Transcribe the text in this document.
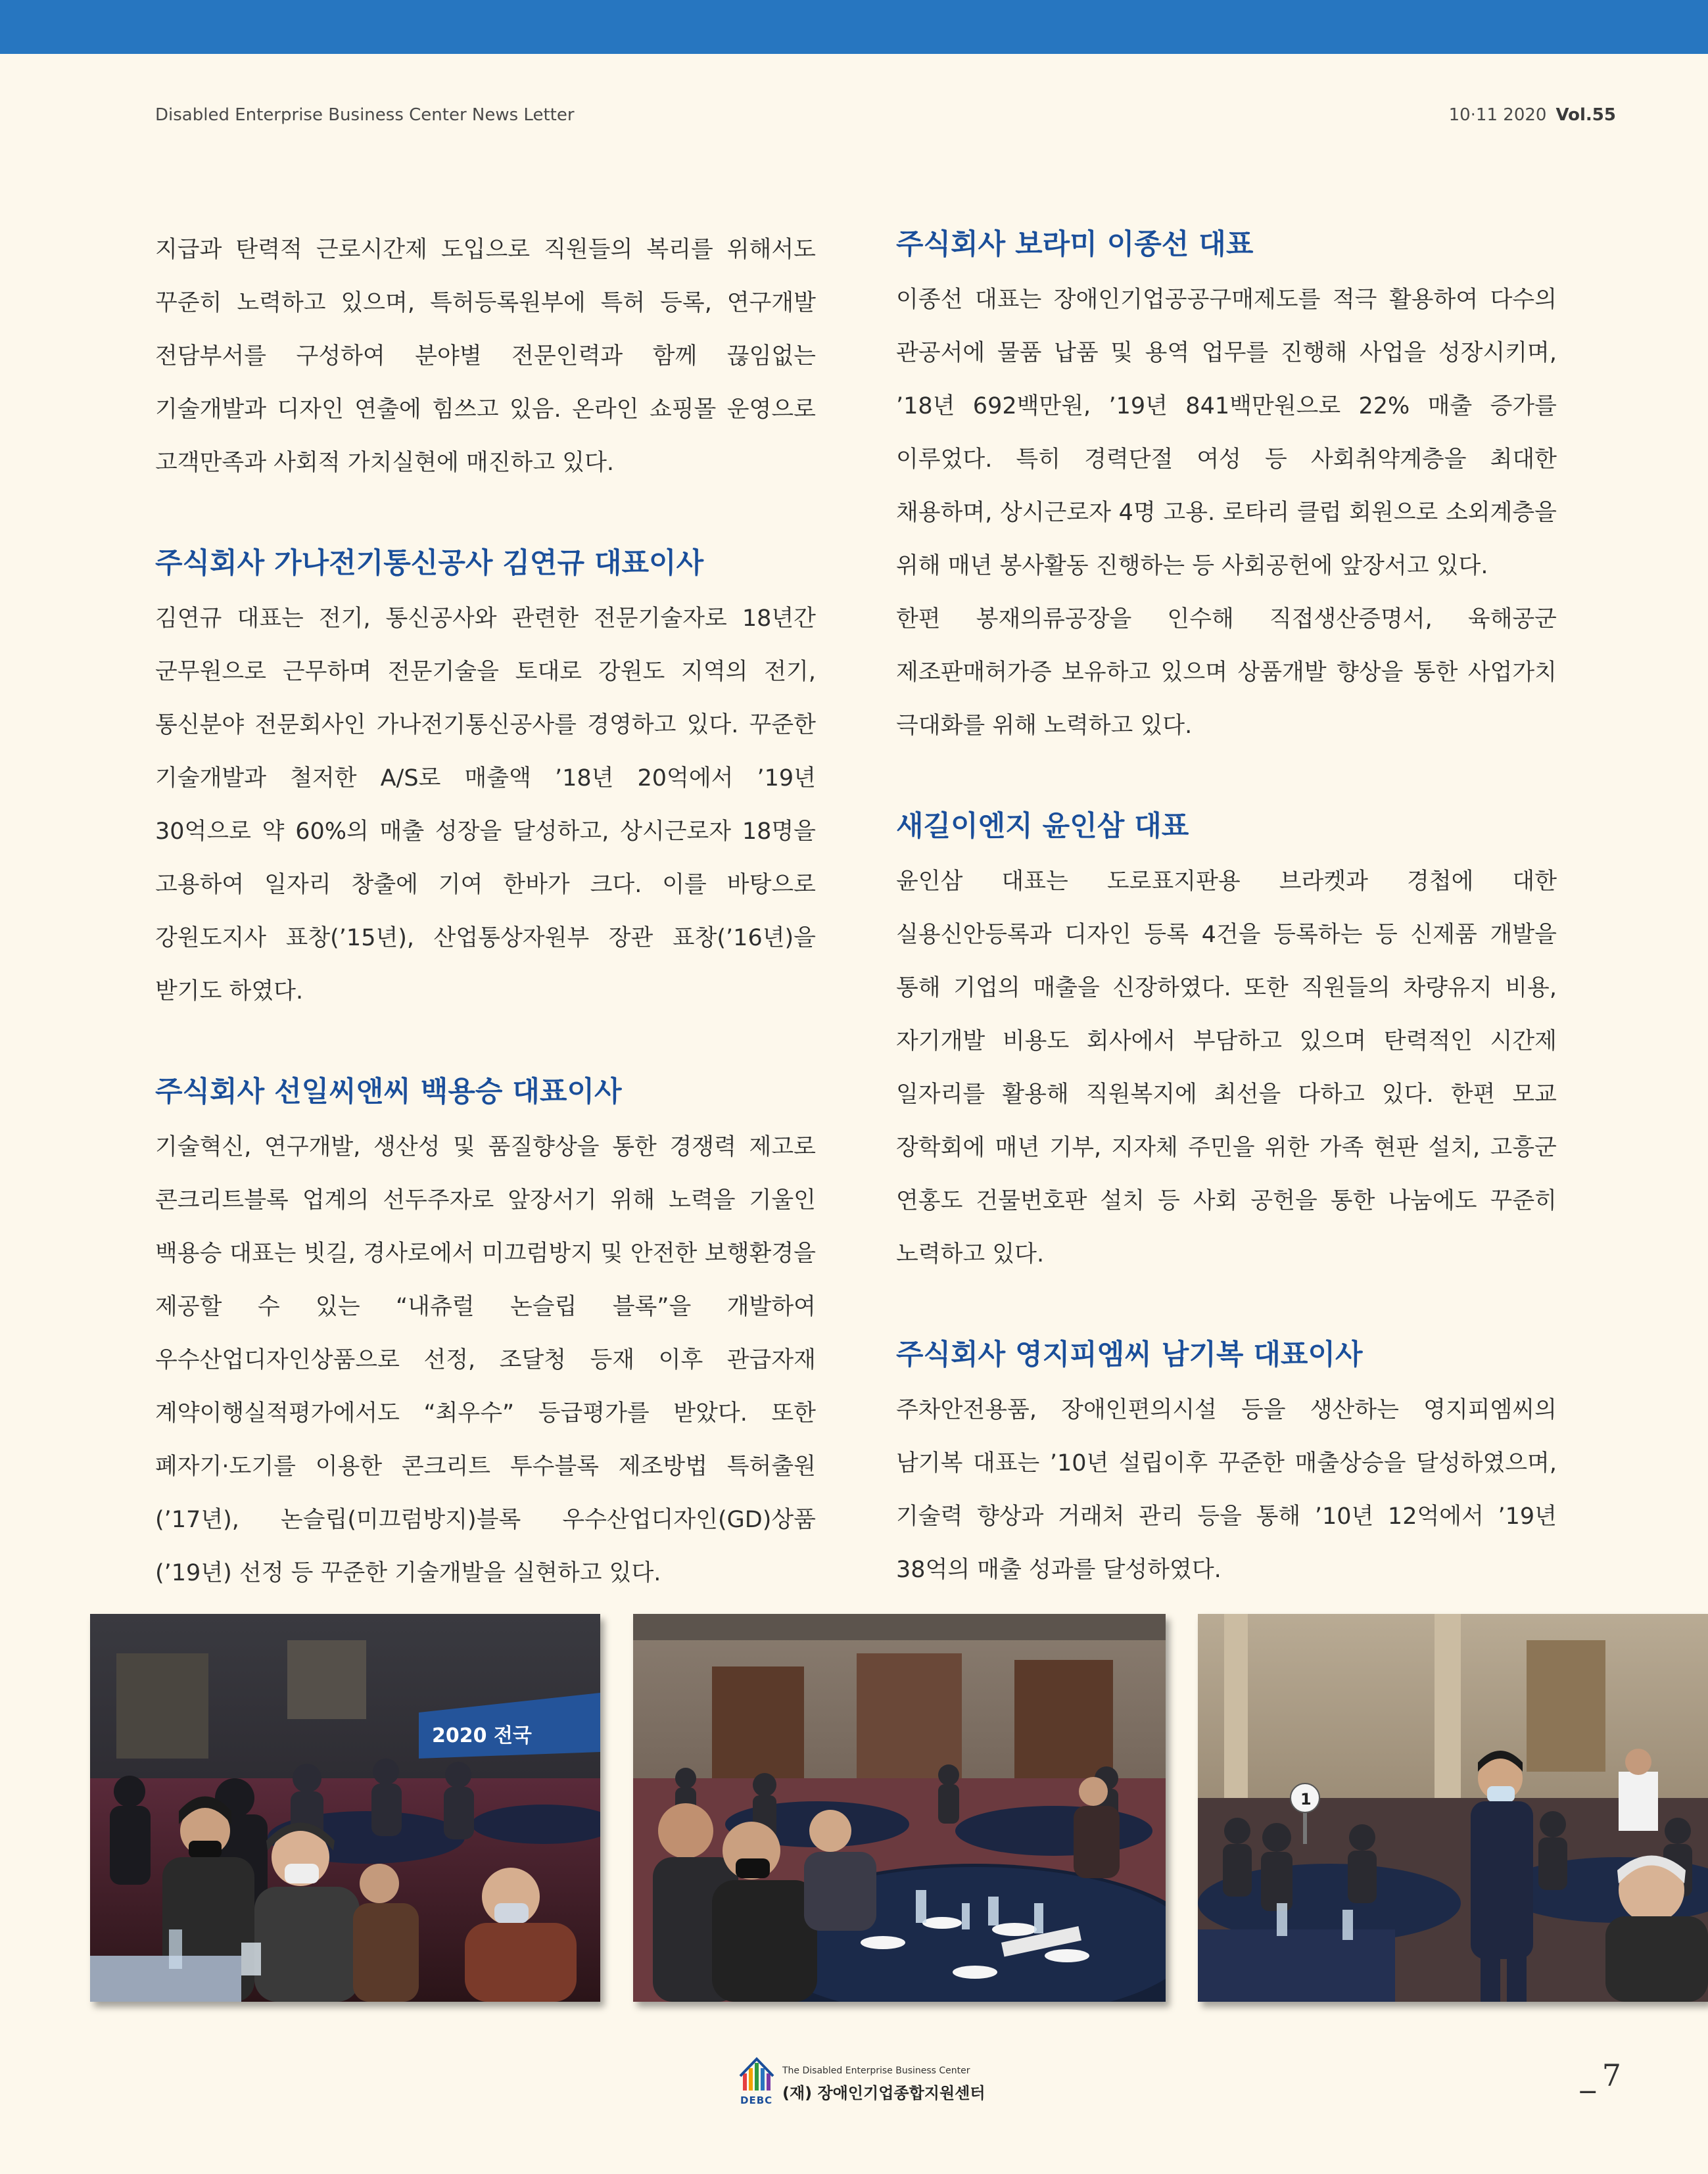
Disabled Enterprise Business Center News Letter	10·11 2020 Vol.55

지급과 탄력적 근로시간제 도입으로 직원들의 복리를 위해서도 꾸준히 노력하고 있으며, 특허등록원부에 특허 등록, 연구개발 전담부서를 구성하여 분야별 전문인력과 함께 끊임없는 기술개발과 디자인 연출에 힘쓰고 있음. 온라인 쇼핑몰 운영으로 고객만족과 사회적 가치실현에 매진하고 있다.

주식회사 가나전기통신공사 김연규 대표이사

김연규 대표는 전기, 통신공사와 관련한 전문기술자로 18년간 군무원으로 근무하며 전문기술을 토대로 강원도 지역의 전기, 통신분야 전문회사인 가나전기통신공사를 경영하고 있다. 꾸준한 기술개발과 철저한 A/S로 매출액 ’18년 20억에서 ’19년 30억으로 약 60%의 매출 성장을 달성하고, 상시근로자 18명을 고용하여 일자리 창출에 기여 한바가 크다. 이를 바탕으로 강원도지사 표창(’15년), 산업통상자원부 장관 표창(’16년)을 받기도 하였다.

주식회사 선일씨앤씨 백용승 대표이사

기술혁신, 연구개발, 생산성 및 품질향상을 통한 경쟁력 제고로 콘크리트블록 업계의 선두주자로 앞장서기 위해 노력을 기울인 백용승 대표는 빗길, 경사로에서 미끄럼방지 및 안전한 보행환경을 제공할 수 있는 “내츄럴 논슬립 블록”을 개발하여 우수산업디자인상품으로 선정, 조달청 등재 이후 관급자재 계약이행실적평가에서도 “최우수” 등급평가를 받았다. 또한 폐자기·도기를 이용한 콘크리트 투수블록 제조방법 특허출원(’17년), 논슬립(미끄럼방지)블록 우수산업디자인(GD)상품(’19년) 선정 등 꾸준한 기술개발을 실현하고 있다.

주식회사 보라미 이종선 대표

이종선 대표는 장애인기업공공구매제도를 적극 활용하여 다수의 관공서에 물품 납품 및 용역 업무를 진행해 사업을 성장시키며, ’18년 692백만원, ’19년 841백만원으로 22% 매출 증가를 이루었다. 특히 경력단절 여성 등 사회취약계층을 최대한 채용하며, 상시근로자 4명 고용. 로타리 클럽 회원으로 소외계층을 위해 매년 봉사활동 진행하는 등 사회공헌에 앞장서고 있다.

한편 봉재의류공장을 인수해 직접생산증명서, 육해공군 제조판매허가증 보유하고 있으며 상품개발 향상을 통한 사업가치 극대화를 위해 노력하고 있다.

새길이엔지 윤인삼 대표

윤인삼 대표는 도로표지판용 브라켓과 경첩에 대한 실용신안등록과 디자인 등록 4건을 등록하는 등 신제품 개발을 통해 기업의 매출을 신장하였다. 또한 직원들의 차량유지 비용, 자기개발 비용도 회사에서 부담하고 있으며 탄력적인 시간제 일자리를 활용해 직원복지에 최선을 다하고 있다. 한편 모교 장학회에 매년 기부, 지자체 주민을 위한 가족 현판 설치, 고흥군 연홍도 건물번호판 설치 등 사회 공헌을 통한 나눔에도 꾸준히 노력하고 있다.

주식회사 영지피엠씨 남기복 대표이사

주차안전용품, 장애인편의시설 등을 생산하는 영지피엠씨의 남기복 대표는 ’10년 설립이후 꾸준한 매출상승을 달성하였으며, 기술력 향상과 거래처 관리 등을 통해 ’10년 12억에서 ’19년 38억의 매출 성과를 달성하였다.

2020 전국
1
The Disabled Enterprise Business Center
(재) 장애인기업종합지원센터
DEBC
_ 7
